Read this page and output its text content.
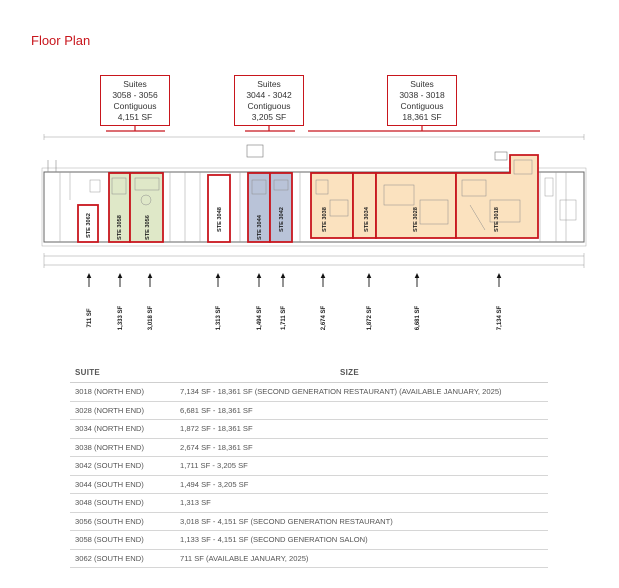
Floor Plan
Suites
3058 - 3056
Contiguous
4,151 SF
Suites
3044 - 3042
Contiguous
3,205 SF
Suites
3038 - 3018
Contiguous
18,361 SF
STE 3062	STE 3058	STE 3056	STE 3048	STE 3044	STE 3042	STE 3038	STE 3034	STE 3028	STE 3018
711 SF	1,333 SF	3,018 SF	1,313 SF	1,494 SF	1,711 SF	2,674 SF	1,872 SF	6,681 SF	7,134 SF
SUITE	SIZE
3018 (NORTH END)	7,134 SF - 18,361 SF (SECOND GENERATION RESTAURANT) (AVAILABLE JANUARY, 2025)
3028 (NORTH END)	6,681 SF - 18,361 SF
3034 (NORTH END)	1,872 SF - 18,361 SF
3038 (NORTH END)	2,674 SF - 18,361 SF
3042 (SOUTH END)	1,711 SF - 3,205 SF
3044 (SOUTH END)	1,494 SF - 3,205 SF
3048 (SOUTH END)	1,313 SF
3056 (SOUTH END)	3,018 SF - 4,151 SF (SECOND GENERATION RESTAURANT)
3058 (SOUTH END)	1,133 SF - 4,151 SF (SECOND GENERATION SALON)
3062 (SOUTH END)	711 SF (AVAILABLE JANUARY, 2025)
